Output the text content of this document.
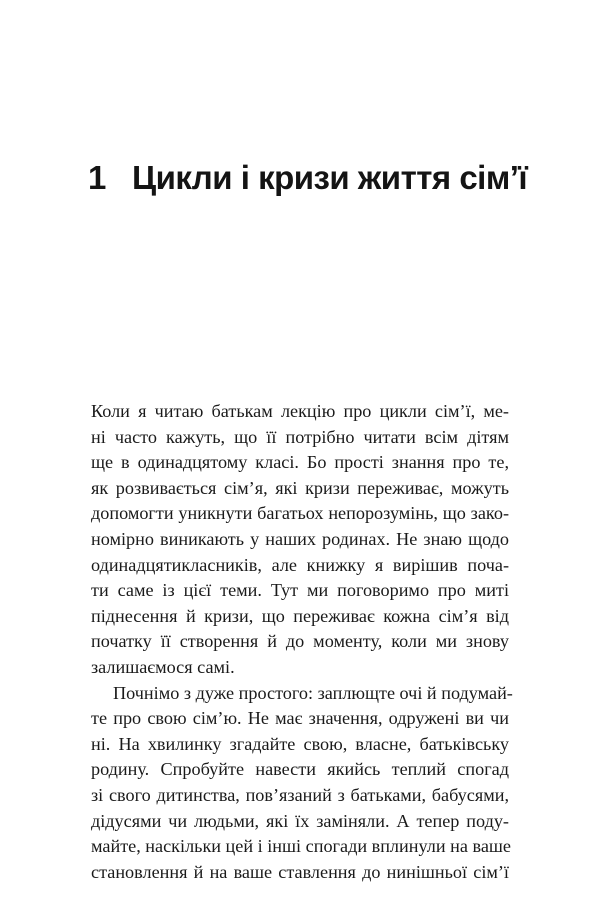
1 Цикли і кризи життя сім’ї

Коли я читаю батькам лекцію про цикли сім’ї, ме-

ні часто кажуть, що її потрібно читати всім дітям

ще в одинадцятому класі. Бо прості знання про те,

як розвивається сім’я, які кризи переживає, можуть

допомогти уникнути багатьох непорозумінь, що зако-

номірно виникають у наших родинах. Не знаю щодо

одинадцятикласників, але книжку я вирішив поча-

ти саме із цієї теми. Тут ми поговоримо про миті

піднесення й кризи, що переживає кожна сім’я від

початку її створення й до моменту, коли ми знову

залишаємося самі.

Почнімо з дуже простого: заплющте очі й подумай-

те про свою сім’ю. Не має значення, одружені ви чи

ні. На хвилинку згадайте свою, власне, батьківську

родину. Спробуйте навести якийсь теплий спогад

зі свого дитинства, пов’язаний з батьками, бабусями,

дідусями чи людьми, які їх заміняли. А тепер поду-

майте, наскільки цей і інші спогади вплинули на ваше

становлення й на ваше ставлення до нинішньої сім’ї
